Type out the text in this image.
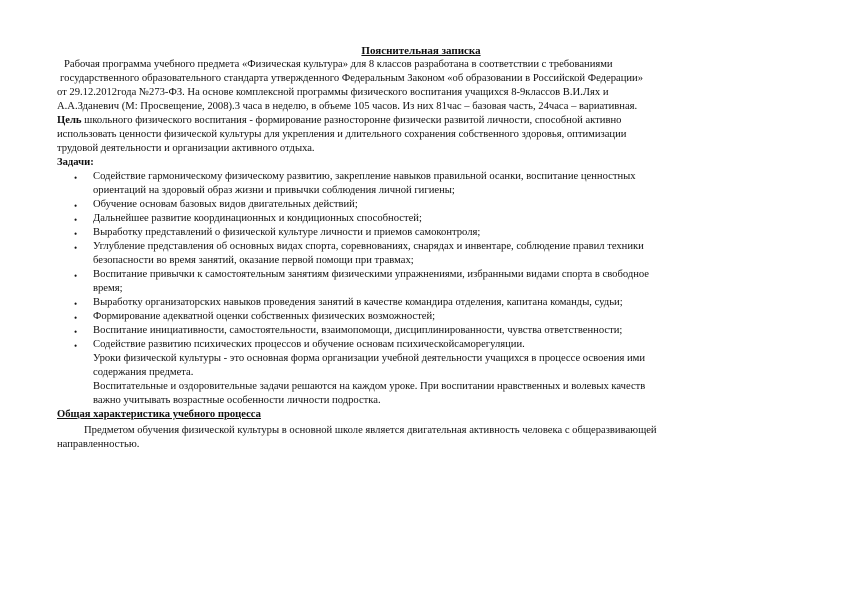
Пояснительная записка
Рабочая программа учебного предмета «Физическая культура» для 8 классов разработана в соответствии с требованиями
государственного образовательного стандарта утвержденного Федеральным Законом «об образовании в Российской Федерации»
от 29.12.2012года №273-ФЗ. На основе комплексной программы физического воспитания учащихся 8-9классов В.И.Лях и
А.А.Зданевич (М: Просвещение, 2008).3 часа в неделю, в объеме 105 часов. Из них 81час – базовая часть, 24часа – вариативная.
Цель школьного физического воспитания - формирование разносторонне физически развитой личности, способной активно
использовать ценности физической культуры для укрепления и длительного сохранения собственного здоровья, оптимизации
трудовой деятельности и организации активного отдыха.
Задачи:
• Содействие гармоническому физическому развитию, закрепление навыков правильной осанки, воспитание ценностных
ориентаций на здоровый образ жизни и привычки соблюдения личной гигиены;
• Обучение основам базовых видов двигательных действий;
• Дальнейшее развитие координационных и кондиционных способностей;
• Выработку представлений о физической культуре личности и приемов самоконтроля;
• Углубление представления об основных видах спорта, соревнованиях, снарядах и инвентаре, соблюдение правил техники
безопасности во время занятий, оказание первой помощи при травмах;
• Воспитание привычки к самостоятельным занятиям физическими упражнениями, избранными видами спорта в свободное
время;
• Выработку организаторских навыков проведения занятий в качестве командира отделения, капитана команды, судьи;
• Формирование адекватной оценки собственных физических возможностей;
• Воспитание инициативности, самостоятельности, взаимопомощи, дисциплинированности, чувства ответственности;
• Содействие развитию психических процессов и обучение основам психическойсаморегуляции.
Уроки физической культуры - это основная форма организации учебной деятельности учащихся в процессе освоения ими
содержания предмета.
Воспитательные и оздоровительные задачи решаются на каждом уроке. При воспитании нравственных и волевых качеств
важно учитывать возрастные особенности личности подростка.
Общая характеристика учебного процесса
Предметом обучения физической культуры в основной школе является двигательная активность человека с общеразвивающей
направленностью.
